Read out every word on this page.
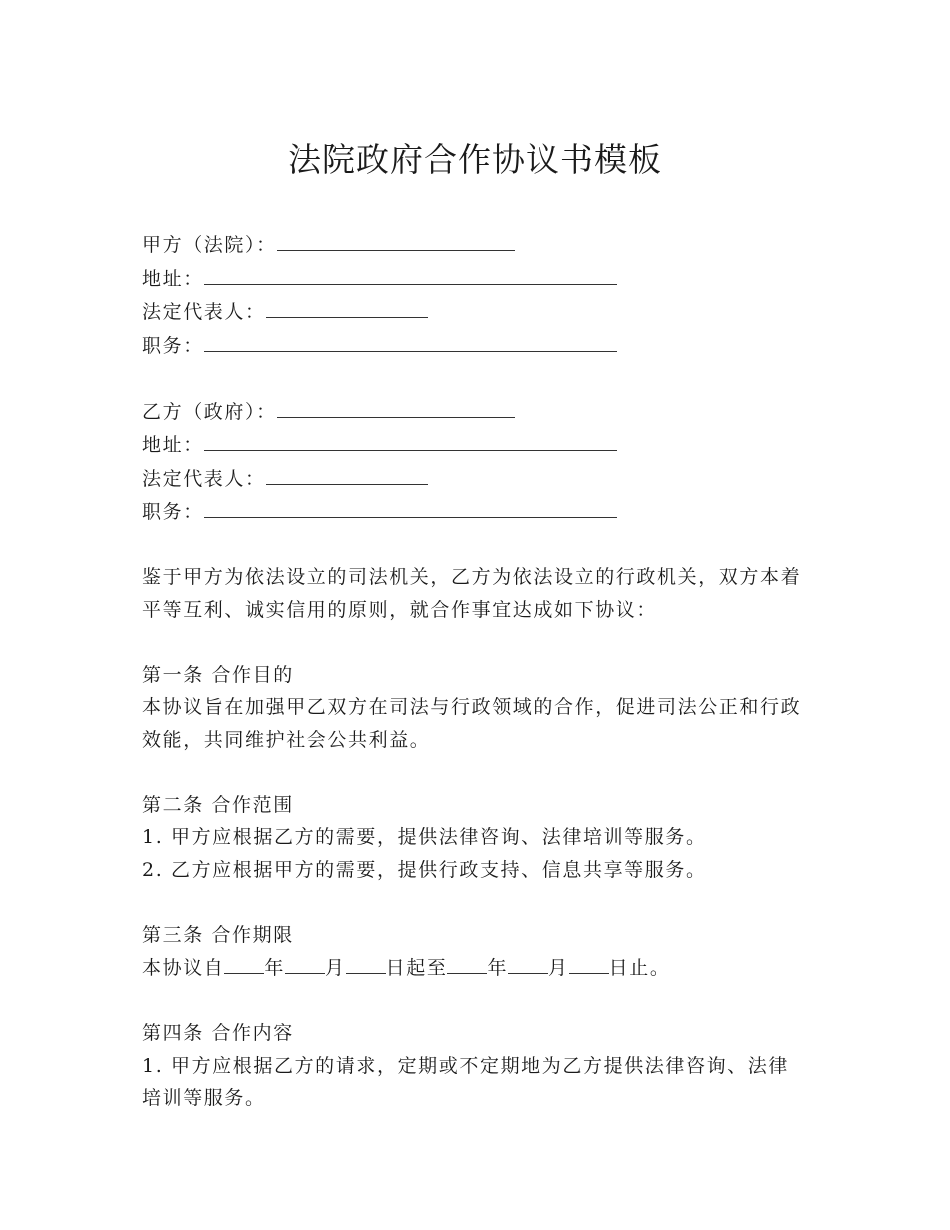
法院政府合作协议书模板
甲方（法院）：
地址：
法定代表人：
职务：
乙方（政府）：
地址：
法定代表人：
职务：
鉴于甲方为依法设立的司法机关，乙方为依法设立的行政机关，双方本着平等互利、诚实信用的原则，就合作事宜达成如下协议：
第一条 合作目的
本协议旨在加强甲乙双方在司法与行政领域的合作，促进司法公正和行政效能，共同维护社会公共利益。
第二条 合作范围
1. 甲方应根据乙方的需要，提供法律咨询、法律培训等服务。
2. 乙方应根据甲方的需要，提供行政支持、信息共享等服务。
第三条 合作期限
本协议自 年 月 日起至 年 月 日止。
第四条 合作内容
1. 甲方应根据乙方的请求，定期或不定期地为乙方提供法律咨询、法律培训等服务。
